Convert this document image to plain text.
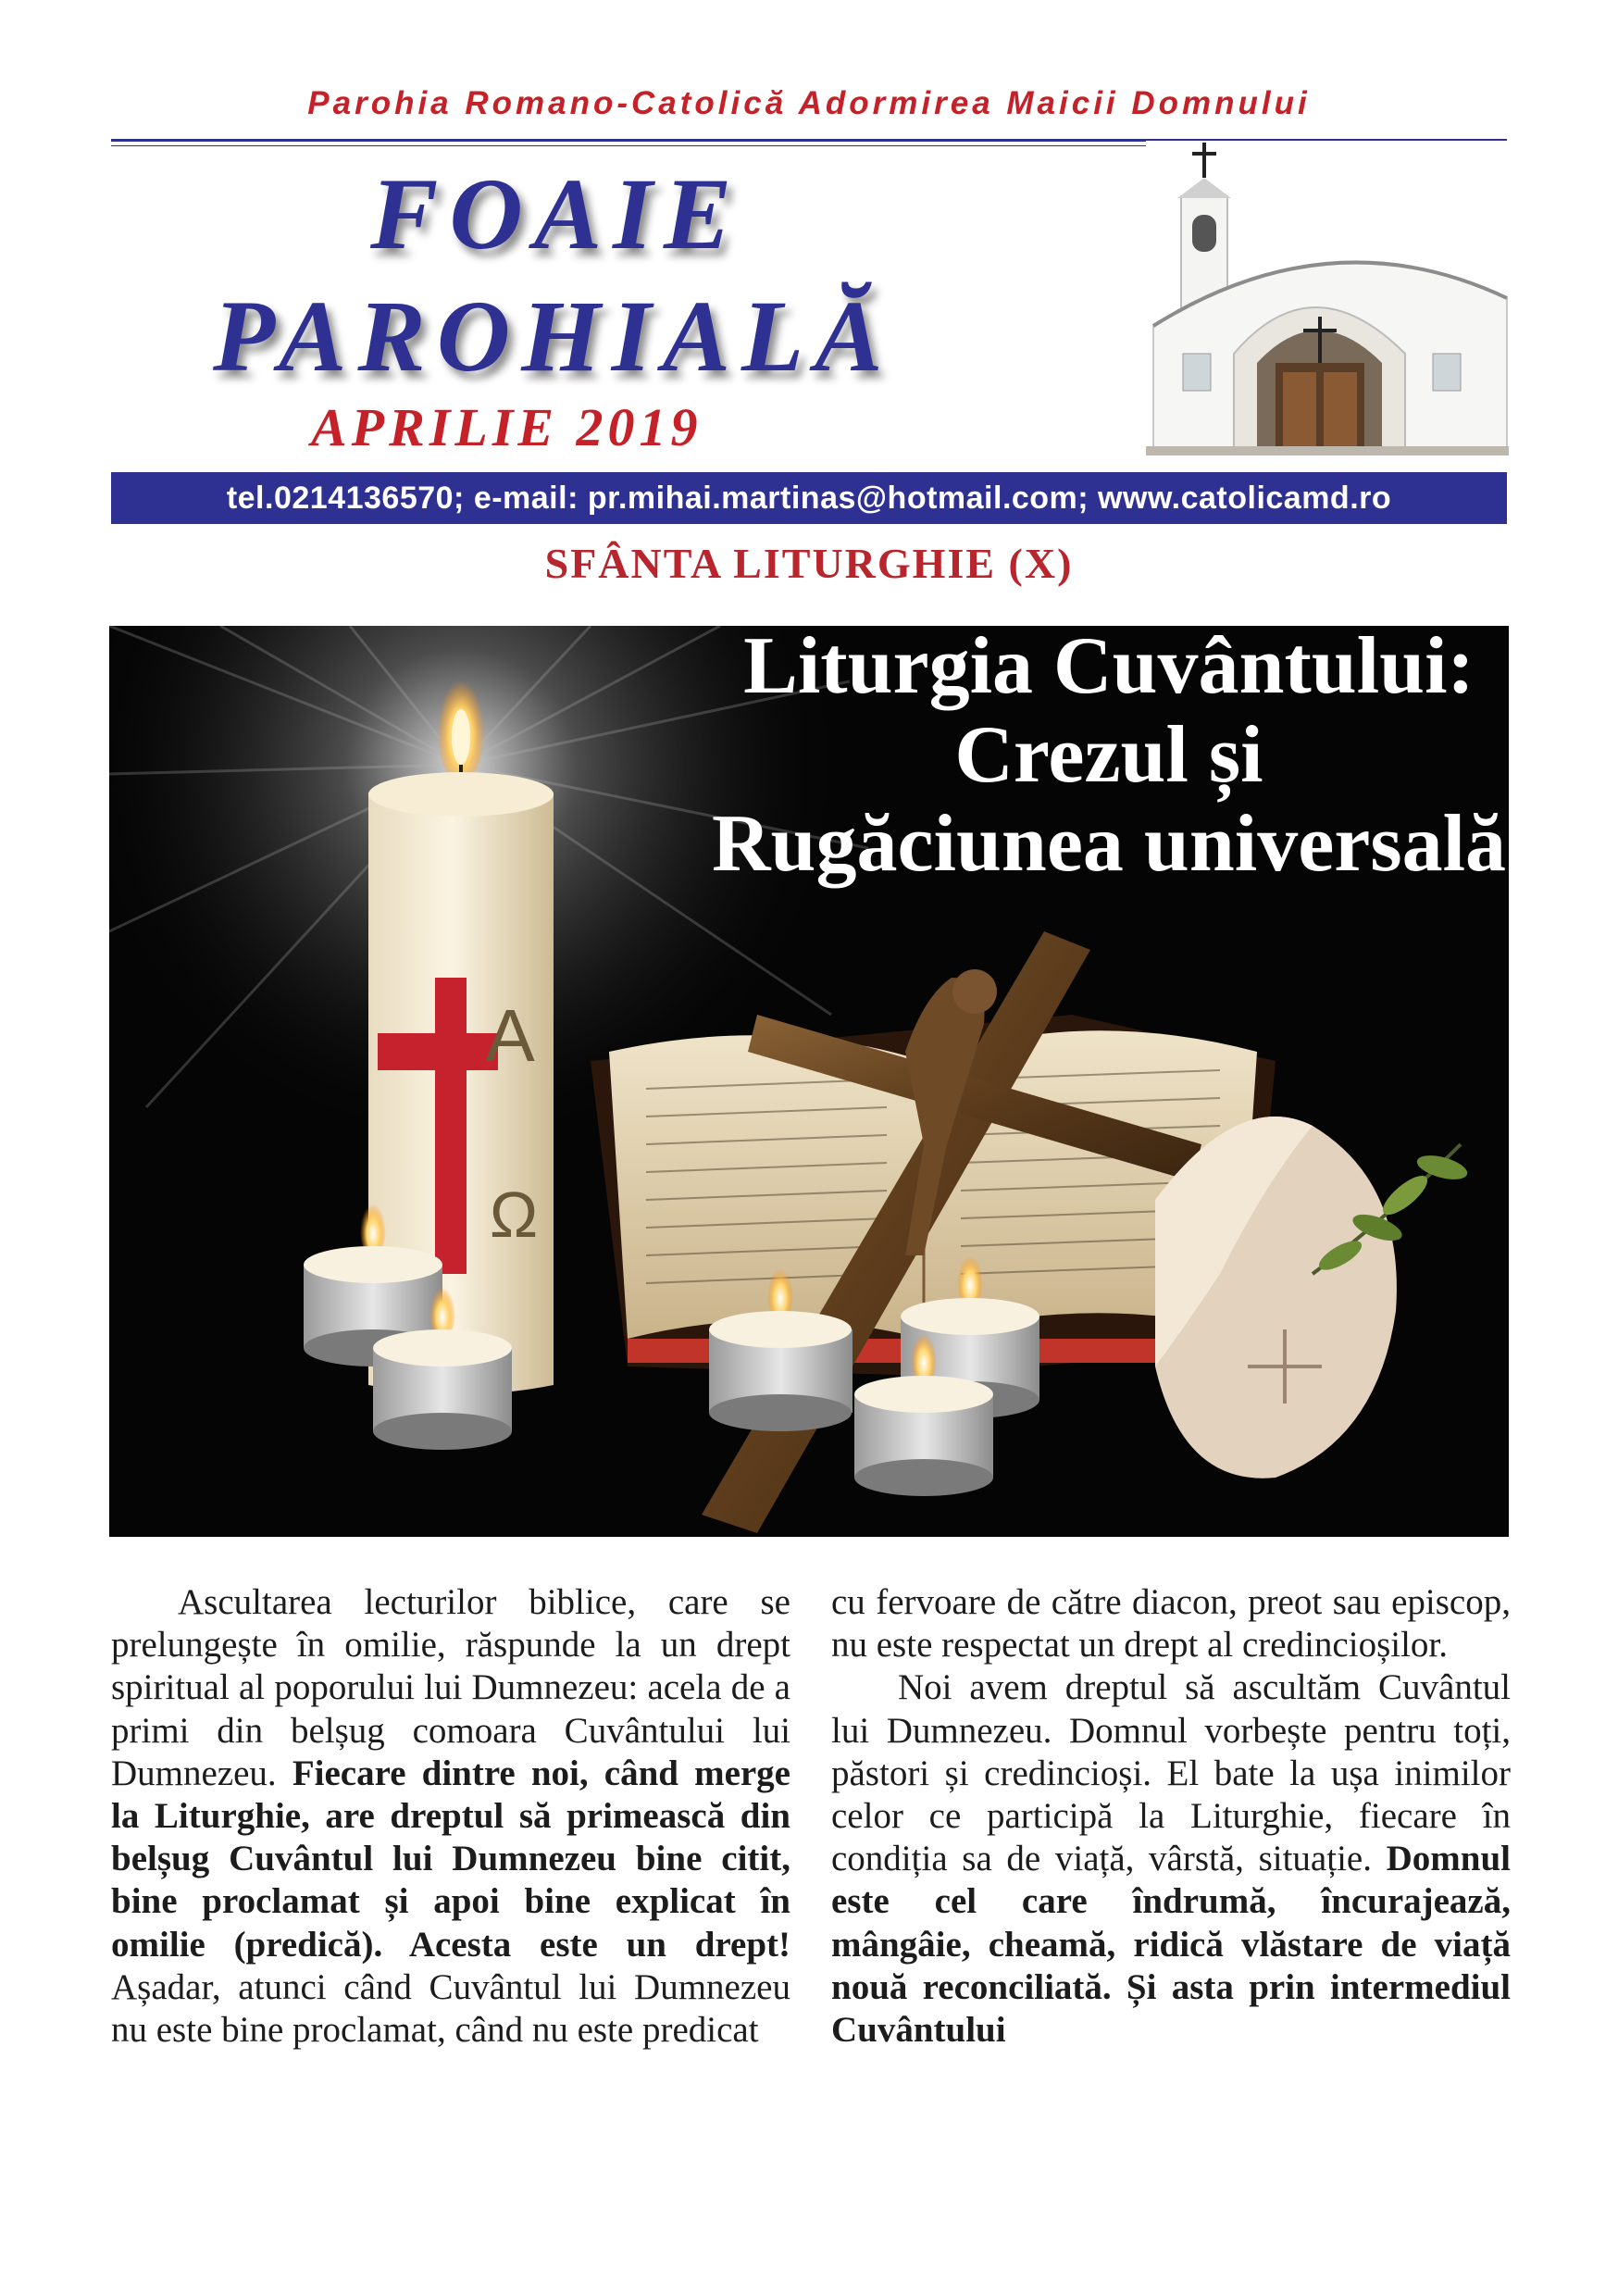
Parohia Romano-Catolică Adormirea Maicii Domnului
FOAIE
PAROHIALĂ
APRILIE 2019
tel.0214136570; e-mail: pr.mihai.martinas@hotmail.com; www.catolicamd.ro
SFÂNTA LITURGHIE (X)
A
Ω
Liturgia Cuvântului:
Crezul și
Rugăciunea universală

Ascultarea lecturilor biblice, care se prelungește în omilie, răspunde la un drept spiritual al poporului lui Dumnezeu: acela de a primi din belșug comoara Cuvântului lui Dumnezeu. Fiecare dintre noi, când merge la Liturghie, are dreptul să primească din belșug Cuvântul lui Dumnezeu bine citit, bine proclamat și apoi bine explicat în omilie (predică). Acesta este un drept! Așadar, atunci când Cuvântul lui Dumnezeu nu este bine proclamat, când nu este predicat

cu fervoare de către diacon, preot sau episcop, nu este respectat un drept al credincioșilor.

Noi avem dreptul să ascultăm Cuvântul lui Dumnezeu. Domnul vorbește pentru toți, păstori și credincioși. El bate la ușa inimilor celor ce participă la Liturghie, fiecare în condiția sa de viață, vârstă, situație. Domnul este cel care îndrumă, încurajează, mângâie, cheamă, ridică vlăstare de viață nouă reconciliată. Și asta prin intermediul Cuvântului
